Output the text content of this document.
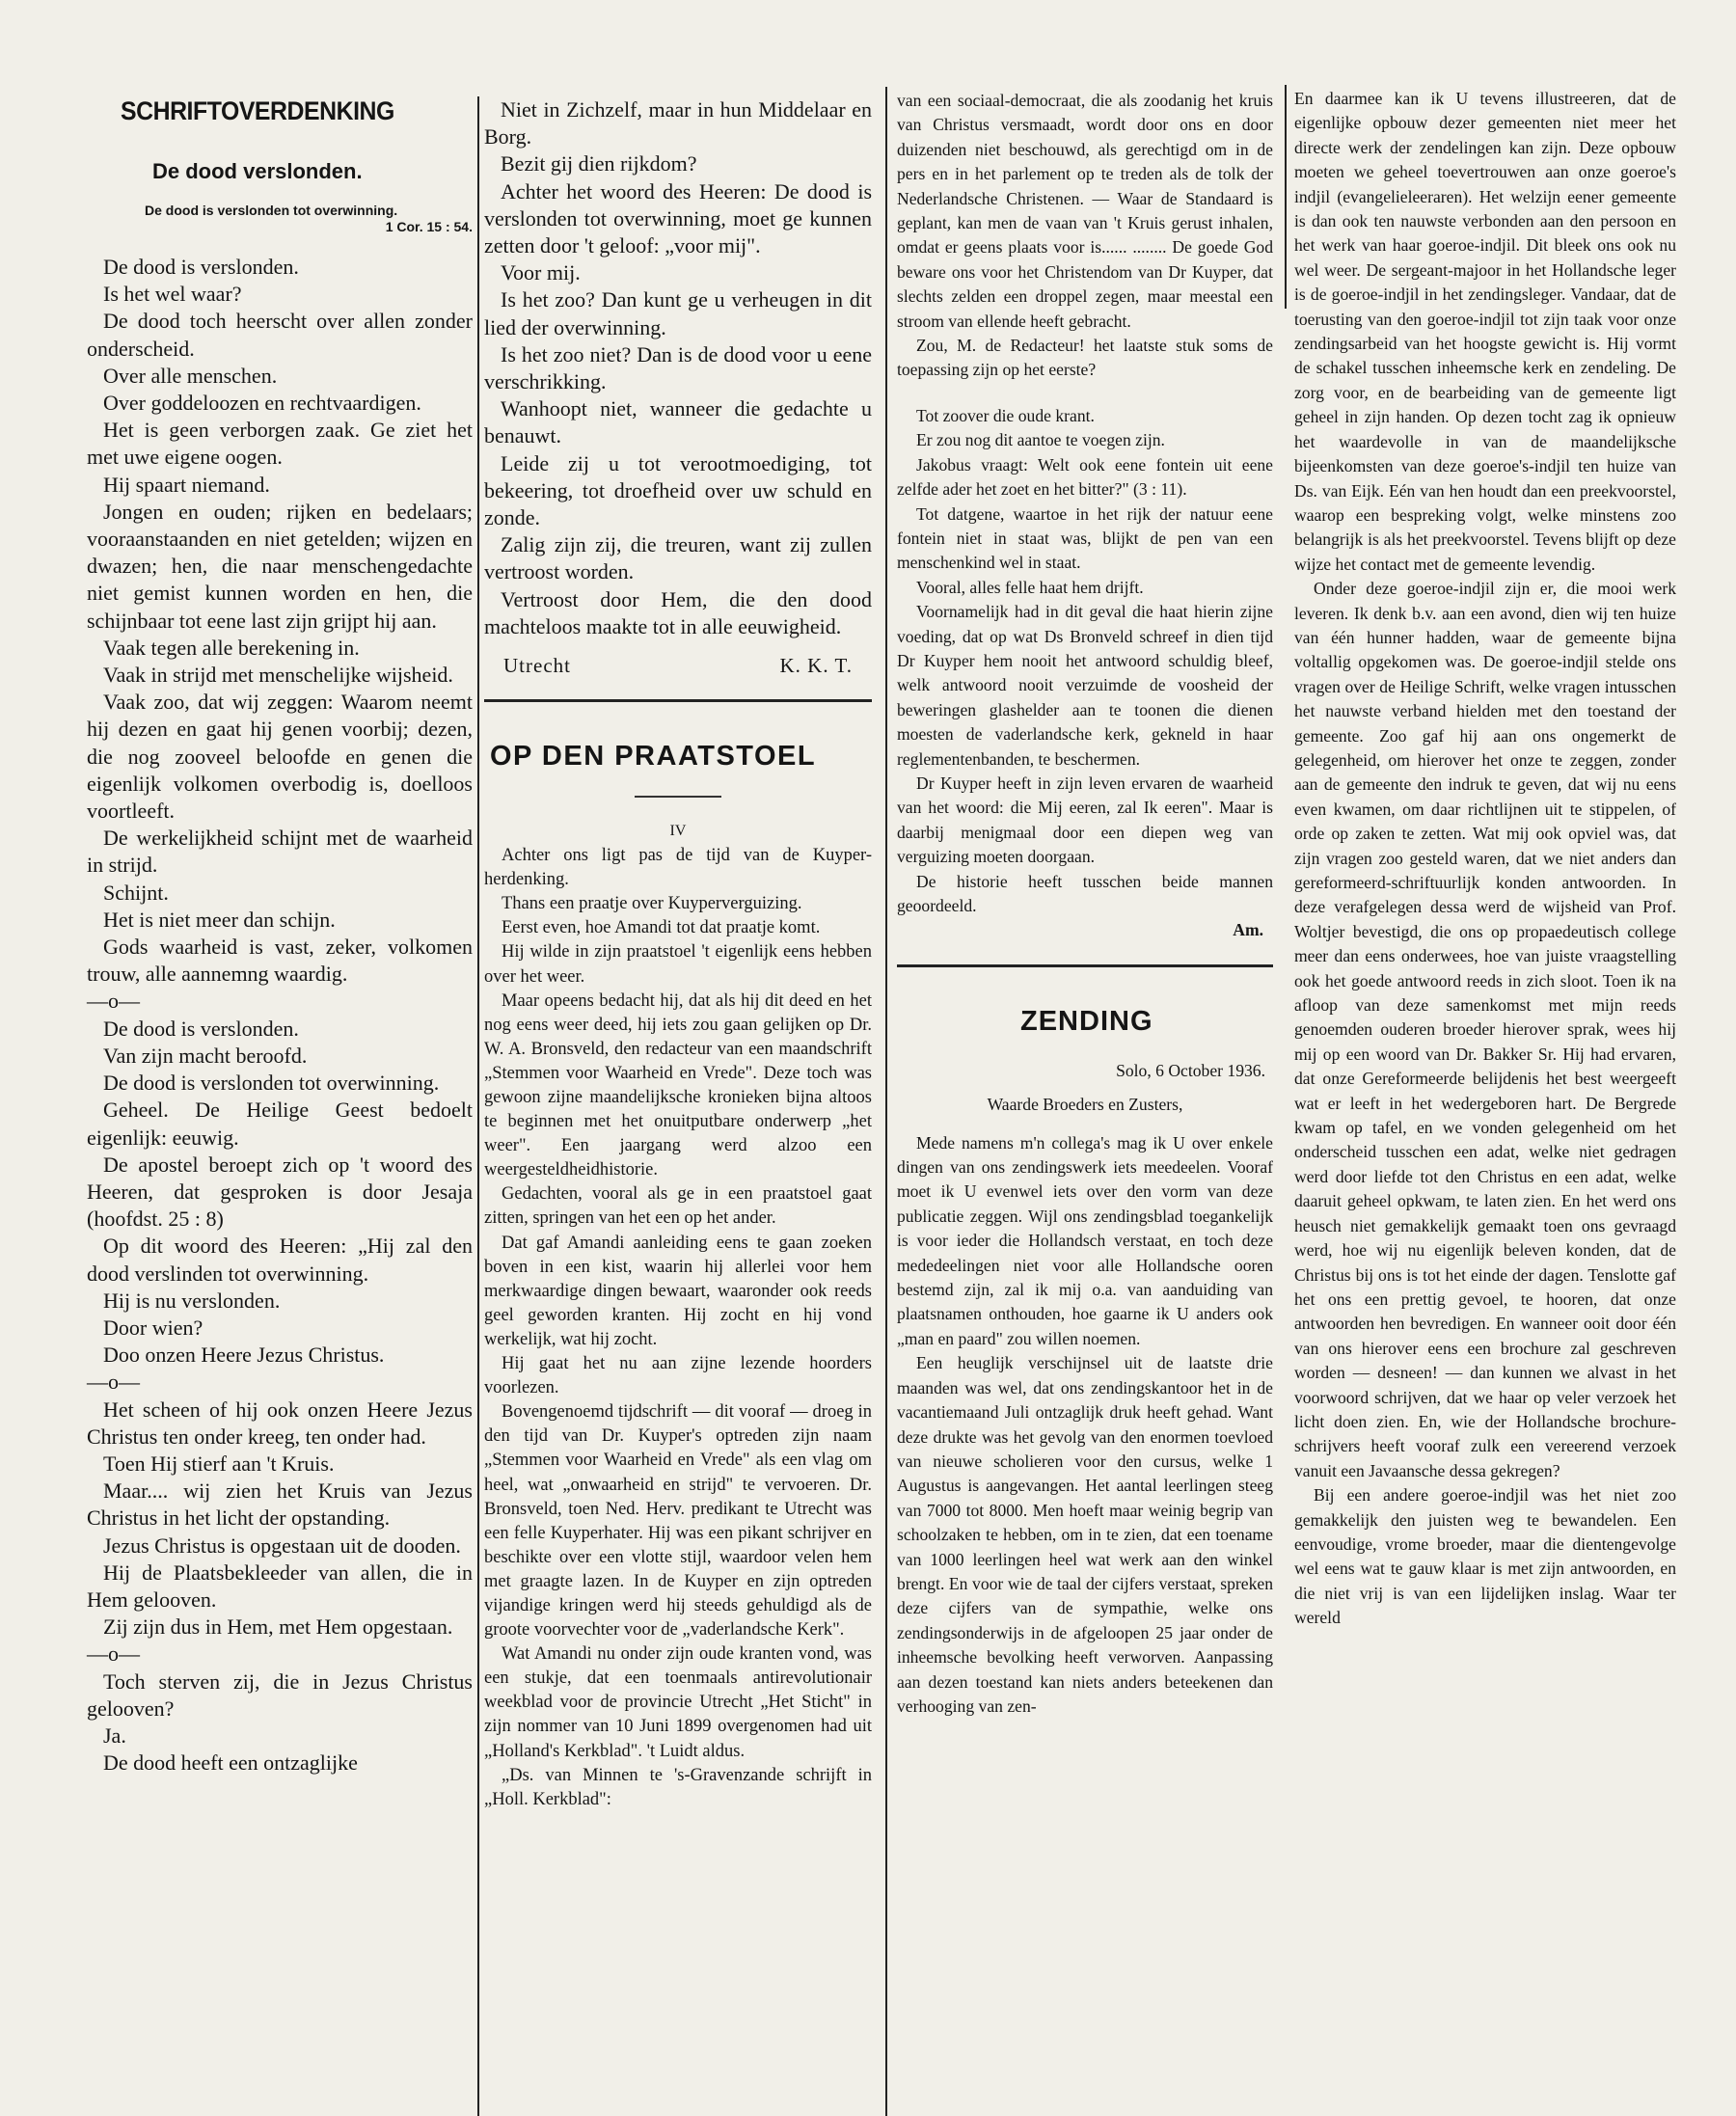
SCHRIFTOVERDENKING
De dood verslonden.
De dood is verslonden tot overwinning.
1 Cor. 15 : 54.

De dood is verslonden.

Is het wel waar?

De dood toch heerscht over allen zonder onderscheid.

Over alle menschen.

Over goddeloozen en rechtvaardigen.

Het is geen verborgen zaak. Ge ziet het met uwe eigene oogen.

Hij spaart niemand.

Jongen en ouden; rijken en bedelaars; vooraanstaanden en niet getelden; wijzen en dwazen; hen, die naar menschengedachte niet gemist kunnen worden en hen, die schijnbaar tot eene last zijn grijpt hij aan.

Vaak tegen alle berekening in.

Vaak in strijd met menschelijke wijsheid.

Vaak zoo, dat wij zeggen: Waarom neemt hij dezen en gaat hij genen voorbij; dezen, die nog zooveel beloofde en genen die eigenlijk volkomen overbodig is, doelloos voortleeft.

De werkelijkheid schijnt met de waarheid in strijd.

Schijnt.

Het is niet meer dan schijn.

Gods waarheid is vast, zeker, volkomen trouw, alle aannemng waardig.

—o—

De dood is verslonden.

Van zijn macht beroofd.

De dood is verslonden tot overwinning.

Geheel. De Heilige Geest bedoelt eigenlijk: eeuwig.

De apostel beroept zich op 't woord des Heeren, dat gesproken is door Jesaja (hoofdst. 25 : 8)

Op dit woord des Heeren: „Hij zal den dood verslinden tot overwinning.

Hij is nu verslonden.

Door wien?

Doo onzen Heere Jezus Christus.

—o—

Het scheen of hij ook onzen Heere Jezus Christus ten onder kreeg, ten onder had.

Toen Hij stierf aan 't Kruis.

Maar.... wij zien het Kruis van Jezus Christus in het licht der opstanding.

Jezus Christus is opgestaan uit de dooden.

Hij de Plaatsbekleeder van allen, die in Hem gelooven.

Zij zijn dus in Hem, met Hem opgestaan.

—o—

Toch sterven zij, die in Jezus Christus gelooven?

Ja.

De dood heeft een ontzaglijke

Niet in Zichzelf, maar in hun Middelaar en Borg.

Bezit gij dien rijkdom?

Achter het woord des Heeren: De dood is verslonden tot overwinning, moet ge kunnen zetten door 't geloof: „voor mij".

Voor mij.

Is het zoo? Dan kunt ge u verheugen in dit lied der overwinning.

Is het zoo niet? Dan is de dood voor u eene verschrikking.

Wanhoopt niet, wanneer die gedachte u benauwt.

Leide zij u tot verootmoediging, tot bekeering, tot droefheid over uw schuld en zonde.

Zalig zijn zij, die treuren, want zij zullen vertroost worden.

Vertroost door Hem, die den dood machteloos maakte tot in alle eeuwigheid.

Utrecht	K. K. T.
OP DEN PRAATSTOEL
IV

Achter ons ligt pas de tijd van de Kuyper-herdenking.

Thans een praatje over Kuyperverguizing.

Eerst even, hoe Amandi tot dat praatje komt.

Hij wilde in zijn praatstoel 't eigenlijk eens hebben over het weer.

Maar opeens bedacht hij, dat als hij dit deed en het nog eens weer deed, hij iets zou gaan gelijken op Dr. W. A. Bronsveld, den redacteur van een maandschrift „Stemmen voor Waarheid en Vrede". Deze toch was gewoon zijne maandelijksche kronieken bijna altoos te beginnen met het onuitputbare onderwerp „het weer". Een jaargang werd alzoo een weergesteldheidhistorie.

Gedachten, vooral als ge in een praatstoel gaat zitten, springen van het een op het ander.

Dat gaf Amandi aanleiding eens te gaan zoeken boven in een kist, waarin hij allerlei voor hem merkwaardige dingen bewaart, waaronder ook reeds geel geworden kranten. Hij zocht en hij vond werkelijk, wat hij zocht.

Hij gaat het nu aan zijne lezende hoorders voorlezen.

Bovengenoemd tijdschrift — dit vooraf — droeg in den tijd van Dr. Kuyper's optreden zijn naam „Stemmen voor Waarheid en Vrede" als een vlag om heel, wat „onwaarheid en strijd" te vervoeren. Dr. Bronsveld, toen Ned. Herv. predikant te Utrecht was een felle Kuyperhater. Hij was een pikant schrijver en beschikte over een vlotte stijl, waardoor velen hem met graagte lazen. In de Kuyper en zijn optreden vijandige kringen werd hij steeds gehuldigd als de groote voorvechter voor de „vaderlandsche Kerk".

Wat Amandi nu onder zijn oude kranten vond, was een stukje, dat een toenmaals antirevolutionair weekblad voor de provincie Utrecht „Het Sticht" in zijn nommer van 10 Juni 1899 overgenomen had uit „Holland's Kerkblad". 't Luidt aldus.

„Ds. van Minnen te 's-Gravenzande schrijft in „Holl. Kerkblad":

van een sociaal-democraat, die als zoodanig het kruis van Christus versmaadt, wordt door ons en door duizenden niet beschouwd, als gerechtigd om in de pers en in het parlement op te treden als de tolk der Nederlandsche Christenen. — Waar de Standaard is geplant, kan men de vaan van 't Kruis gerust inhalen, omdat er geens plaats voor is...... ........ De goede God beware ons voor het Christendom van Dr Kuyper, dat slechts zelden een droppel zegen, maar meestal een stroom van ellende heeft gebracht.

Zou, M. de Redacteur! het laatste stuk soms de toepassing zijn op het eerste?

Tot zoover die oude krant.

Er zou nog dit aantoe te voegen zijn.

Jakobus vraagt: Welt ook eene fontein uit eene zelfde ader het zoet en het bitter?" (3 : 11).

Tot datgene, waartoe in het rijk der natuur eene fontein niet in staat was, blijkt de pen van een menschenkind wel in staat.

Vooral, alles felle haat hem drijft.

Voornamelijk had in dit geval die haat hierin zijne voeding, dat op wat Ds Bronveld schreef in dien tijd Dr Kuyper hem nooit het antwoord schuldig bleef, welk antwoord nooit verzuimde de voosheid der beweringen glashelder aan te toonen die dienen moesten de vaderlandsche kerk, gekneld in haar reglementenbanden, te beschermen.

Dr Kuyper heeft in zijn leven ervaren de waarheid van het woord: die Mij eeren, zal Ik eeren". Maar is daarbij menigmaal door een diepen weg van verguizing moeten doorgaan.

De historie heeft tusschen beide mannen geoordeeld.

Am.

ZENDING

Solo, 6 October 1936.

Waarde Broeders en Zusters,

Mede namens m'n collega's mag ik U over enkele dingen van ons zendingswerk iets meedeelen. Vooraf moet ik U evenwel iets over den vorm van deze publicatie zeggen. Wijl ons zendingsblad toegankelijk is voor ieder die Hollandsch verstaat, en toch deze mededeelingen niet voor alle Hollandsche ooren bestemd zijn, zal ik mij o.a. van aanduiding van plaatsnamen onthouden, hoe gaarne ik U anders ook „man en paard" zou willen noemen.

Een heuglijk verschijnsel uit de laatste drie maanden was wel, dat ons zendingskantoor het in de vacantiemaand Juli ontzaglijk druk heeft gehad. Want deze drukte was het gevolg van den enormen toevloed van nieuwe scholieren voor den cursus, welke 1 Augustus is aangevangen. Het aantal leerlingen steeg van 7000 tot 8000. Men hoeft maar weinig begrip van schoolzaken te hebben, om in te zien, dat een toename van 1000 leerlingen heel wat werk aan den winkel brengt. En voor wie de taal der cijfers verstaat, spreken deze cijfers van de sympathie, welke ons zendingsonderwijs in de afgeloopen 25 jaar onder de inheemsche bevolking heeft verworven. Aanpassing aan dezen toestand kan niets anders beteekenen dan verhooging van zen-

En daarmee kan ik U tevens illustreeren, dat de eigenlijke opbouw dezer gemeenten niet meer het directe werk der zendelingen kan zijn. Deze opbouw moeten we geheel toevertrouwen aan onze goeroe's indjil (evangelieleeraren). Het welzijn eener gemeente is dan ook ten nauwste verbonden aan den persoon en het werk van haar goeroe-indjil. Dit bleek ons ook nu wel weer. De sergeant-majoor in het Hollandsche leger is de goeroe-indjil in het zendingsleger. Vandaar, dat de toerusting van den goeroe-indjil tot zijn taak voor onze zendingsarbeid van het hoogste gewicht is. Hij vormt de schakel tusschen inheemsche kerk en zendeling. De zorg voor, en de bearbeiding van de gemeente ligt geheel in zijn handen. Op dezen tocht zag ik opnieuw het waardevolle in van de maandelijksche bijeenkomsten van deze goeroe's-indjil ten huize van Ds. van Eijk. Eén van hen houdt dan een preekvoorstel, waarop een bespreking volgt, welke minstens zoo belangrijk is als het preekvoorstel. Tevens blijft op deze wijze het contact met de gemeente levendig.

Onder deze goeroe-indjil zijn er, die mooi werk leveren. Ik denk b.v. aan een avond, dien wij ten huize van één hunner hadden, waar de gemeente bijna voltallig opgekomen was. De goeroe-indjil stelde ons vragen over de Heilige Schrift, welke vragen intusschen het nauwste verband hielden met den toestand der gemeente. Zoo gaf hij aan ons ongemerkt de gelegenheid, om hierover het onze te zeggen, zonder aan de gemeente den indruk te geven, dat wij nu eens even kwamen, om daar richtlijnen uit te stippelen, of orde op zaken te zetten. Wat mij ook opviel was, dat zijn vragen zoo gesteld waren, dat we niet anders dan gereformeerd-schriftuurlijk konden antwoorden. In deze verafgelegen dessa werd de wijsheid van Prof. Woltjer bevestigd, die ons op propaedeutisch college meer dan eens onderwees, hoe van juiste vraagstelling ook het goede antwoord reeds in zich sloot. Toen ik na afloop van deze samenkomst met mijn reeds genoemden ouderen broeder hierover sprak, wees hij mij op een woord van Dr. Bakker Sr. Hij had ervaren, dat onze Gereformeerde belijdenis het best weergeeft wat er leeft in het wedergeboren hart. De Bergrede kwam op tafel, en we vonden gelegenheid om het onderscheid tusschen een adat, welke niet gedragen werd door liefde tot den Christus en een adat, welke daaruit geheel opkwam, te laten zien. En het werd ons heusch niet gemakkelijk gemaakt toen ons gevraagd werd, hoe wij nu eigenlijk beleven konden, dat de Christus bij ons is tot het einde der dagen. Tenslotte gaf het ons een prettig gevoel, te hooren, dat onze antwoorden hen bevredigen. En wanneer ooit door één van ons hierover eens een brochure zal geschreven worden — desneen! — dan kunnen we alvast in het voorwoord schrijven, dat we haar op veler verzoek het licht doen zien. En, wie der Hollandsche brochure-schrijvers heeft vooraf zulk een vereerend verzoek vanuit een Javaansche dessa gekregen?

Bij een andere goeroe-indjil was het niet zoo gemakkelijk den juisten weg te bewandelen. Een eenvoudige, vrome broeder, maar die dientengevolge wel eens wat te gauw klaar is met zijn antwoorden, en die niet vrij is van een lijdelijken inslag. Waar ter wereld
